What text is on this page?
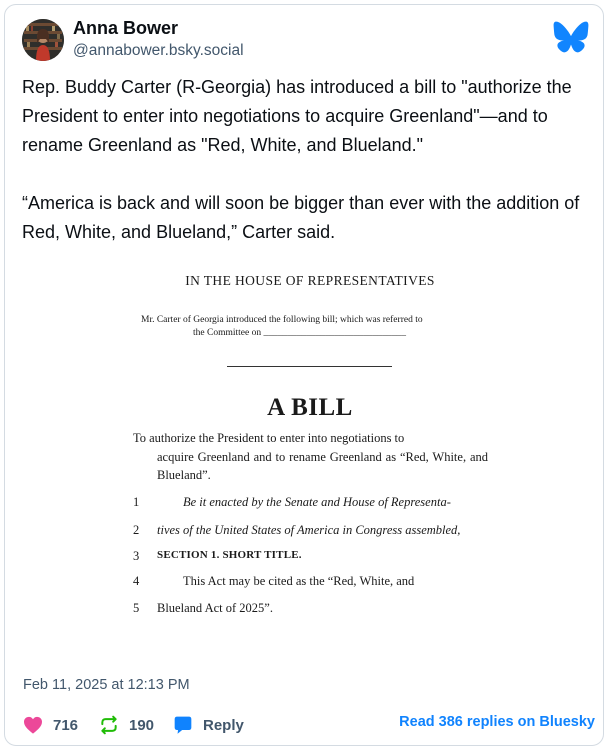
Anna Bower
@annabower.bsky.social

Rep. Buddy Carter (R-Georgia) has introduced a bill to "authorize the President to enter into negotiations to acquire Greenland"—and to rename Greenland as "Red, White, and Blueland."

“America is back and will soon be bigger than ever with the addition of Red, White, and Blueland,” Carter said.

IN THE HOUSE OF REPRESENTATIVES
Mr. Carter of Georgia introduced the following bill; which was referred to
the Committee on ______________________________
A BILL
To authorize the President to enter into negotiations to
acquire Greenland and to rename Greenland as “Red, White, and Blueland”.
1	Be it enacted by the Senate and House of Representa-
2	tives of the United States of America in Congress assembled,
3	SECTION 1. SHORT TITLE.
4	This Act may be cited as the “Red, White, and
5	Blueland Act of 2025”.
Feb 11, 2025 at 12:13 PM
716	190	Reply	Read 386 replies on Bluesky
